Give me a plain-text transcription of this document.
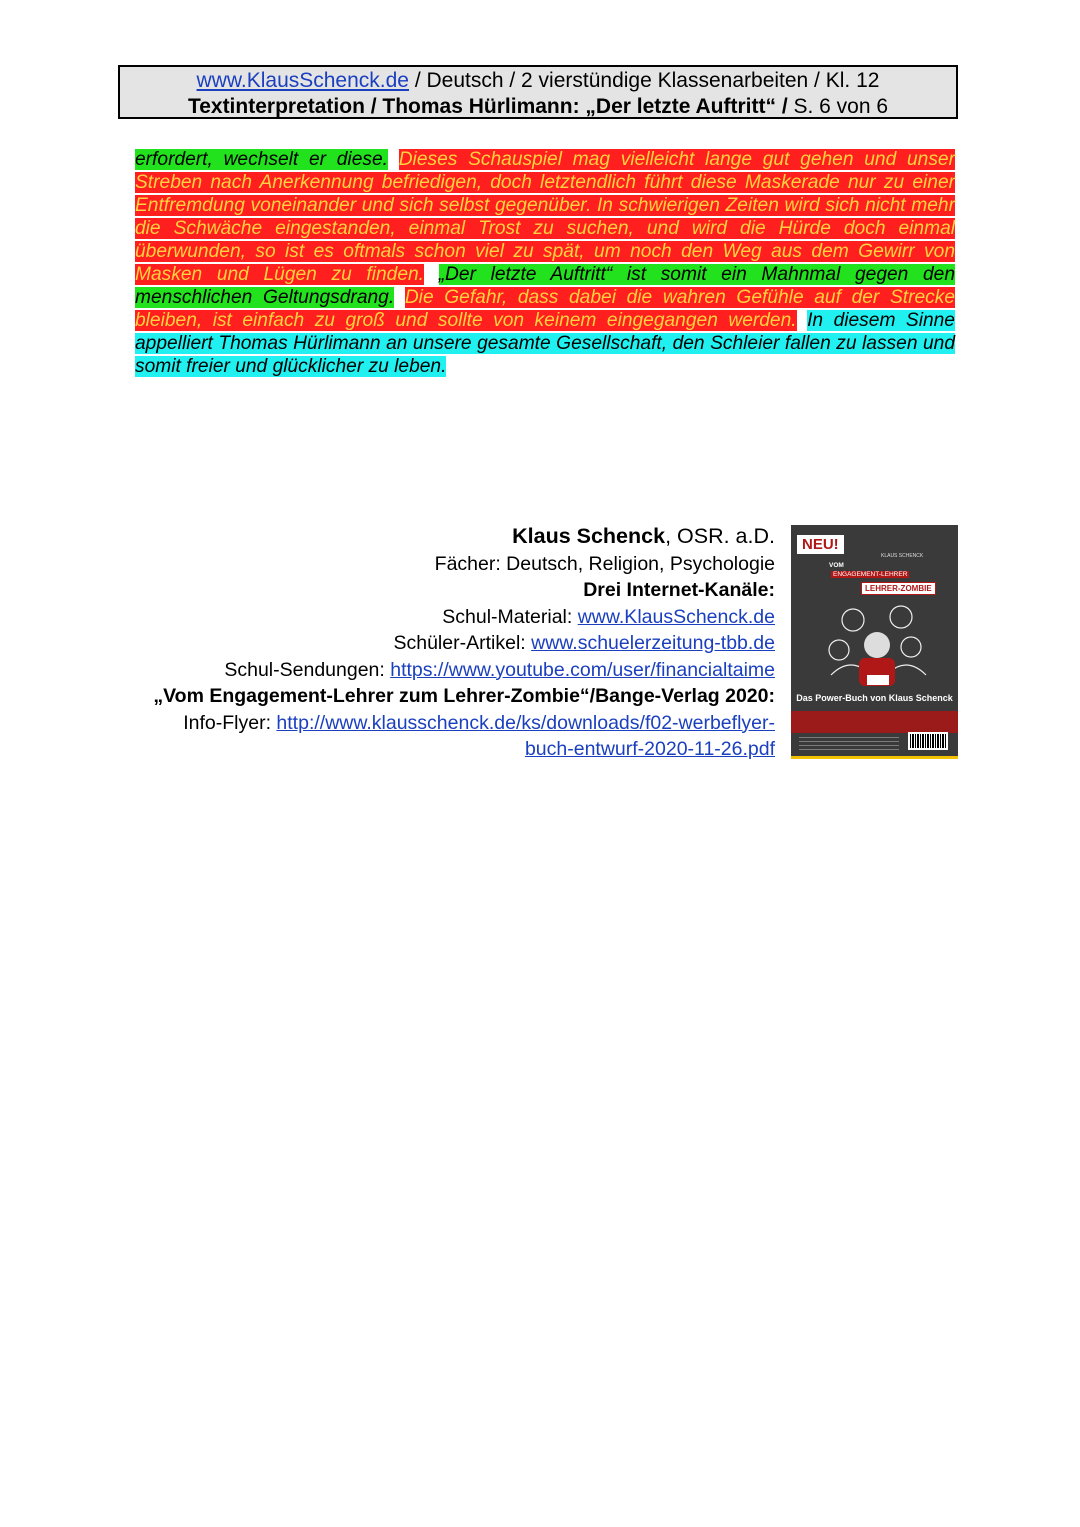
www.KlausSchenck.de / Deutsch / 2 vierstündige Klassenarbeiten / Kl. 12
Textinterpretation / Thomas Hürlimann: „Der letzte Auftritt“ / S. 6 von 6
erfordert, wechselt er diese. Dieses Schauspiel mag vielleicht lange gut gehen und unser Streben nach Anerkennung befriedigen, doch letztendlich führt diese Maskerade nur zu einer Entfremdung voneinander und sich selbst gegenüber. In schwierigen Zeiten wird sich nicht mehr die Schwäche eingestanden, einmal Trost zu suchen, und wird die Hürde doch einmal überwunden, so ist es oftmals schon viel zu spät, um noch den Weg aus dem Gewirr von Masken und Lügen zu finden. „Der letzte Auftritt“ ist somit ein Mahnmal gegen den menschlichen Geltungsdrang. Die Gefahr, dass dabei die wahren Gefühle auf der Strecke bleiben, ist einfach zu groß und sollte von keinem eingegangen werden. In diesem Sinne appelliert Thomas Hürlimann an unsere gesamte Gesellschaft, den Schleier fallen zu lassen und somit freier und glücklicher zu leben.
Klaus Schenck, OSR. a.D.
Fächer: Deutsch, Religion, Psychologie
Drei Internet-Kanäle:
Schul-Material: www.KlausSchenck.de
Schüler-Artikel: www.schuelerzeitung-tbb.de
Schul-Sendungen: https://www.youtube.com/user/financialtaime
„Vom Engagement-Lehrer zum Lehrer-Zombie“/Bange-Verlag 2020:
Info-Flyer: http://www.klausschenck.de/ks/downloads/f02-werbeflyer-
buch-entwurf-2020-11-26.pdf
NEU!
KLAUS SCHENCK
VOM
ENGAGEMENT-LEHRER
LEHRER-ZOMBIE
Das Power-Buch von Klaus Schenck
